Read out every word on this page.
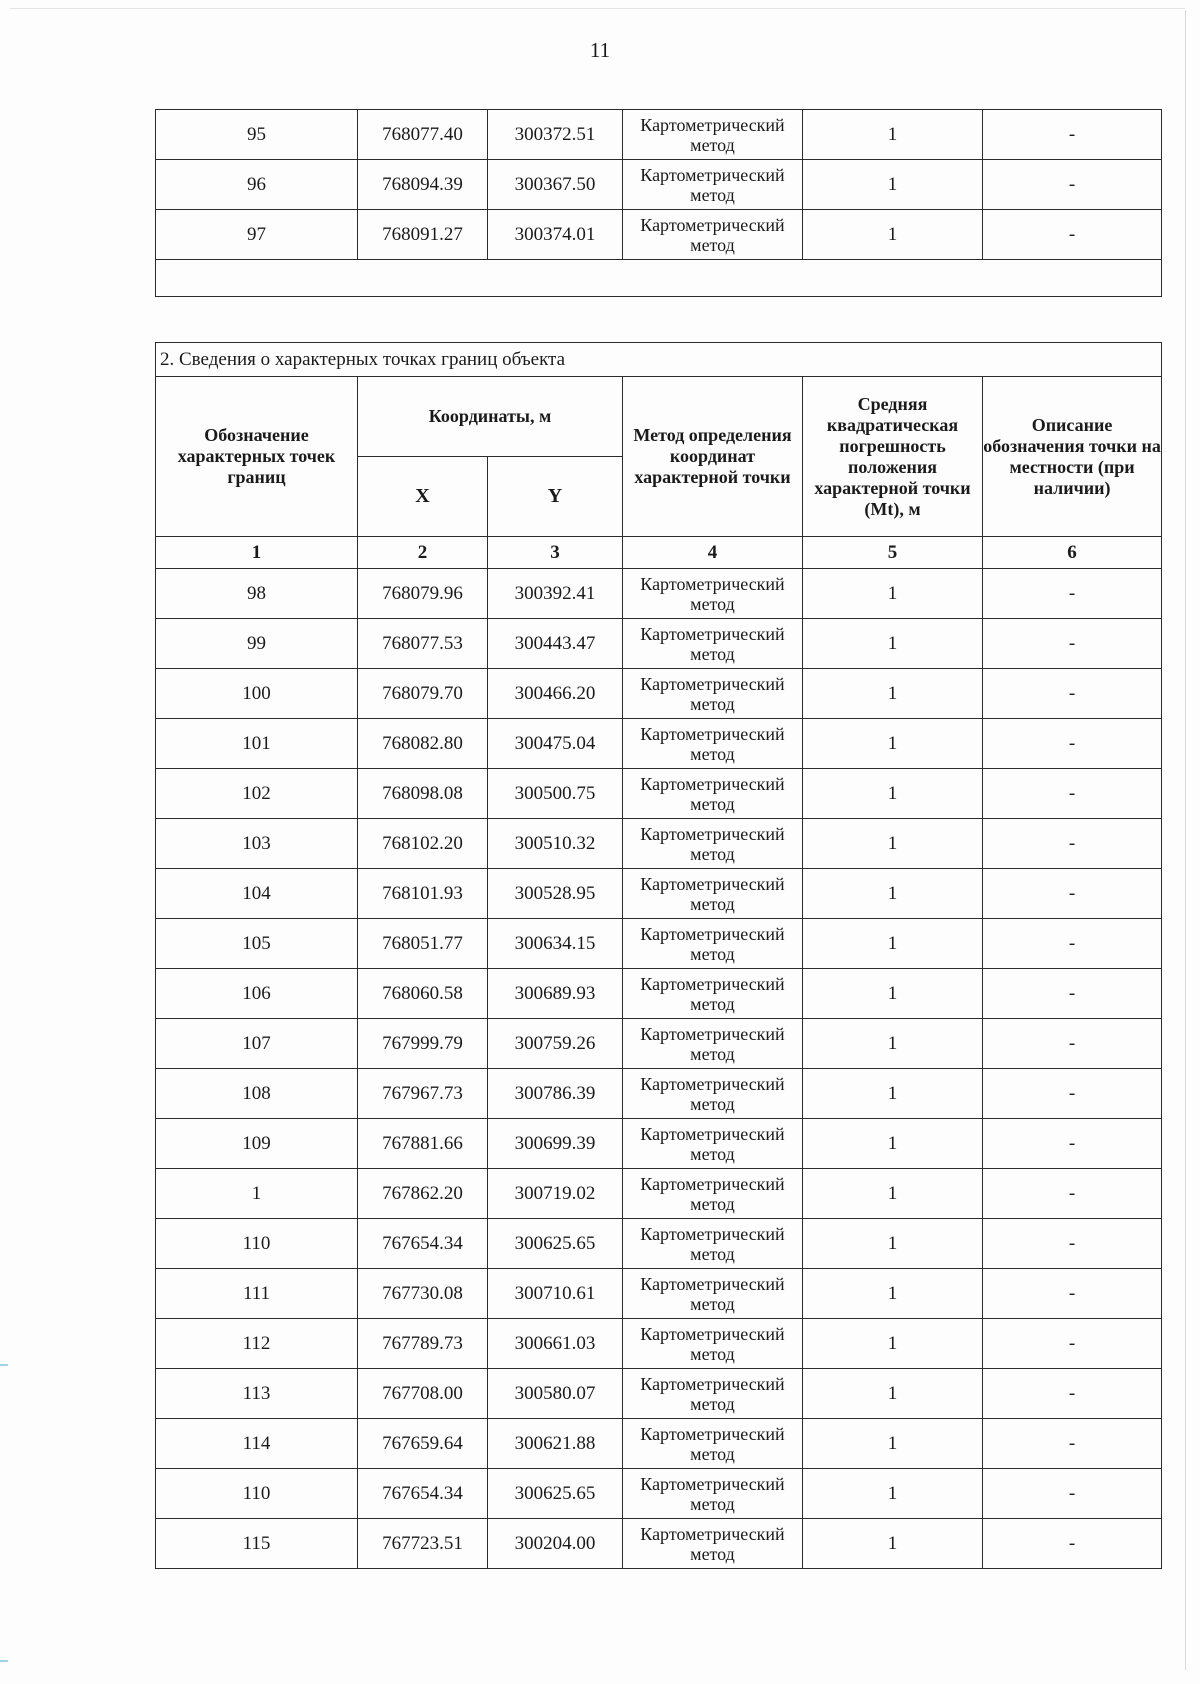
11
95	768077.40	300372.51	Картометрический метод	1	-
96	768094.39	300367.50	Картометрический метод	1	-
97	768091.27	300374.01	Картометрический метод	1	-

2. Сведения о характерных точках границ объекта					
Обозначение характерных точек границ	Координаты, м		Метод определения координат характерной точки	Средняя квадратическая погрешность положения характерной точки (Mt), м	Описание обозначения точки на местности (при наличии)
	X	Y			
1	2	3	4	5	6
98	768079.96	300392.41	Картометрический метод	1	-
99	768077.53	300443.47	Картометрический метод	1	-
100	768079.70	300466.20	Картометрический метод	1	-
101	768082.80	300475.04	Картометрический метод	1	-
102	768098.08	300500.75	Картометрический метод	1	-
103	768102.20	300510.32	Картометрический метод	1	-
104	768101.93	300528.95	Картометрический метод	1	-
105	768051.77	300634.15	Картометрический метод	1	-
106	768060.58	300689.93	Картометрический метод	1	-
107	767999.79	300759.26	Картометрический метод	1	-
108	767967.73	300786.39	Картометрический метод	1	-
109	767881.66	300699.39	Картометрический метод	1	-
1	767862.20	300719.02	Картометрический метод	1	-
110	767654.34	300625.65	Картометрический метод	1	-
111	767730.08	300710.61	Картометрический метод	1	-
112	767789.73	300661.03	Картометрический метод	1	-
113	767708.00	300580.07	Картометрический метод	1	-
114	767659.64	300621.88	Картометрический метод	1	-
110	767654.34	300625.65	Картометрический метод	1	-
115	767723.51	300204.00	Картометрический метод	1	-
